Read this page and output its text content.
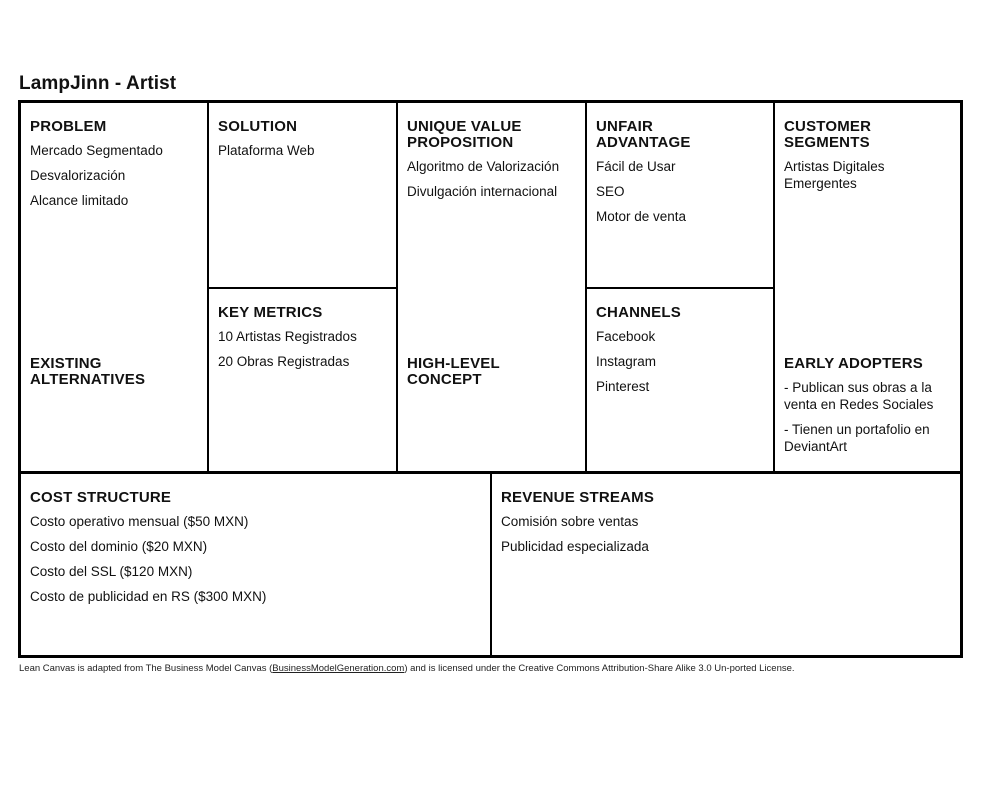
LampJinn - Artist
PROBLEM
Mercado Segmentado
Desvalorización
Alcance limitado
EXISTING
ALTERNATIVES
SOLUTION
Plataforma Web
KEY METRICS
10 Artistas Registrados
20 Obras Registradas
UNIQUE VALUE
PROPOSITION
Algoritmo de Valorización
Divulgación internacional
HIGH-LEVEL
CONCEPT
UNFAIR
ADVANTAGE
Fácil de Usar
SEO
Motor de venta
CHANNELS
Facebook
Instagram
Pinterest
CUSTOMER
SEGMENTS
Artistas Digitales
Emergentes
EARLY ADOPTERS
- Publican sus obras a la
venta en Redes Sociales
- Tienen un portafolio en
DeviantArt
COST STRUCTURE
Costo operativo mensual ($50 MXN)
Costo del dominio ($20 MXN)
Costo del SSL ($120 MXN)
Costo de publicidad en RS ($300 MXN)
REVENUE STREAMS
Comisión sobre ventas
Publicidad especializada
Lean Canvas is adapted from The Business Model Canvas (BusinessModelGeneration.com) and is licensed under the Creative Commons Attribution-Share Alike 3.0 Un-ported License.
